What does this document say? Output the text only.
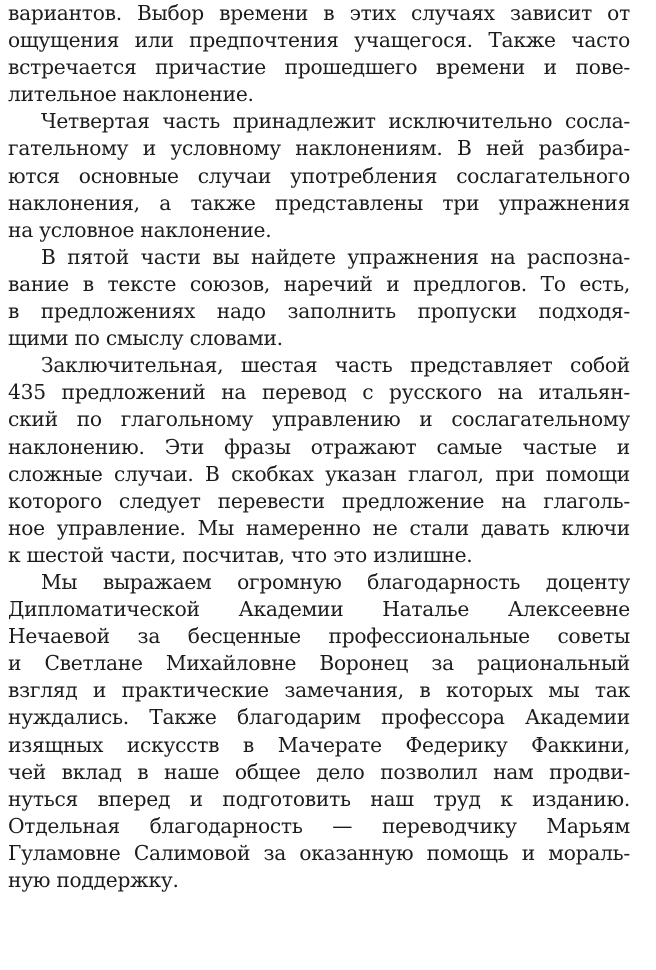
вариантов. Выбор времени в этих случаях зависит от
ощущения или предпочтения учащегося. Также часто
встречается причастие прошедшего времени и пове-
лительное наклонение.
Четвертая часть принадлежит исключительно сосла-
гательному и условному наклонениям. В ней разбира-
ются основные случаи употребления сослагательного
наклонения, а также представлены три упражнения
на условное наклонение.
В пятой части вы найдете упражнения на распозна-
вание в тексте союзов, наречий и предлогов. То есть,
в предложениях надо заполнить пропуски подходя-
щими по смыслу словами.
Заключительная, шестая часть представляет собой
435 предложений на перевод с русского на итальян-
ский по глагольному управлению и сослагательному
наклонению. Эти фразы отражают самые частые и
сложные случаи. В скобках указан глагол, при помощи
которого следует перевести предложение на глаголь-
ное управление. Мы намеренно не стали давать ключи
к шестой части, посчитав, что это излишне.
Мы выражаем огромную благодарность доценту
Дипломатической Академии Наталье Алексеевне
Нечаевой за бесценные профессиональные советы
и Светлане Михайловне Воронец за рациональный
взгляд и практические замечания, в которых мы так
нуждались. Также благодарим профессора Академии
изящных искусств в Мачерате Федерику Факкини,
чей вклад в наше общее дело позволил нам продви-
нуться вперед и подготовить наш труд к изданию.
Отдельная благодарность — переводчику Марьям
Гуламовне Салимовой за оказанную помощь и мораль-
ную поддержку.
